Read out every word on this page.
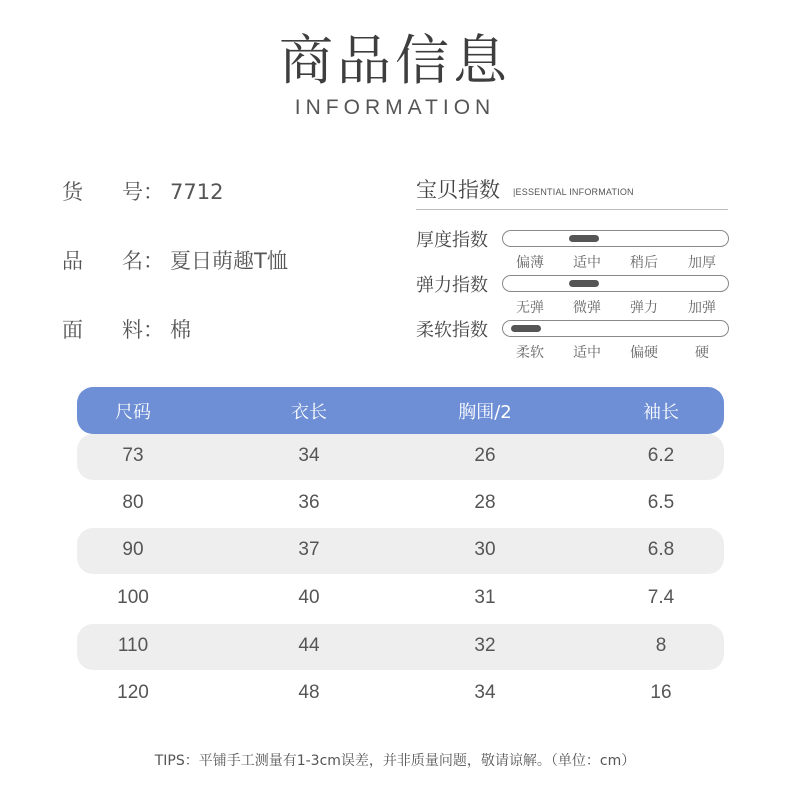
商品信息
INFORMATION
货 号： 7712
品 名： 夏日萌趣T恤
面 料： 棉
宝贝指数 |ESSENTIAL INFORMATION
厚度指数
偏薄 适中 稍后 加厚
弹力指数
无弹 微弹 弹力 加弹
柔软指数
柔软 适中 偏硬	硬
尺码	衣长	胸围/2	袖长
73	34	26	6.2
80	36	28	6.5
90	37	30	6.8
100	40	31	7.4
110	44	32	8
120	48	34	16
TIPS：平铺手工测量有1-3cm误差，并非质量问题，敬请谅解。（单位：cm）
